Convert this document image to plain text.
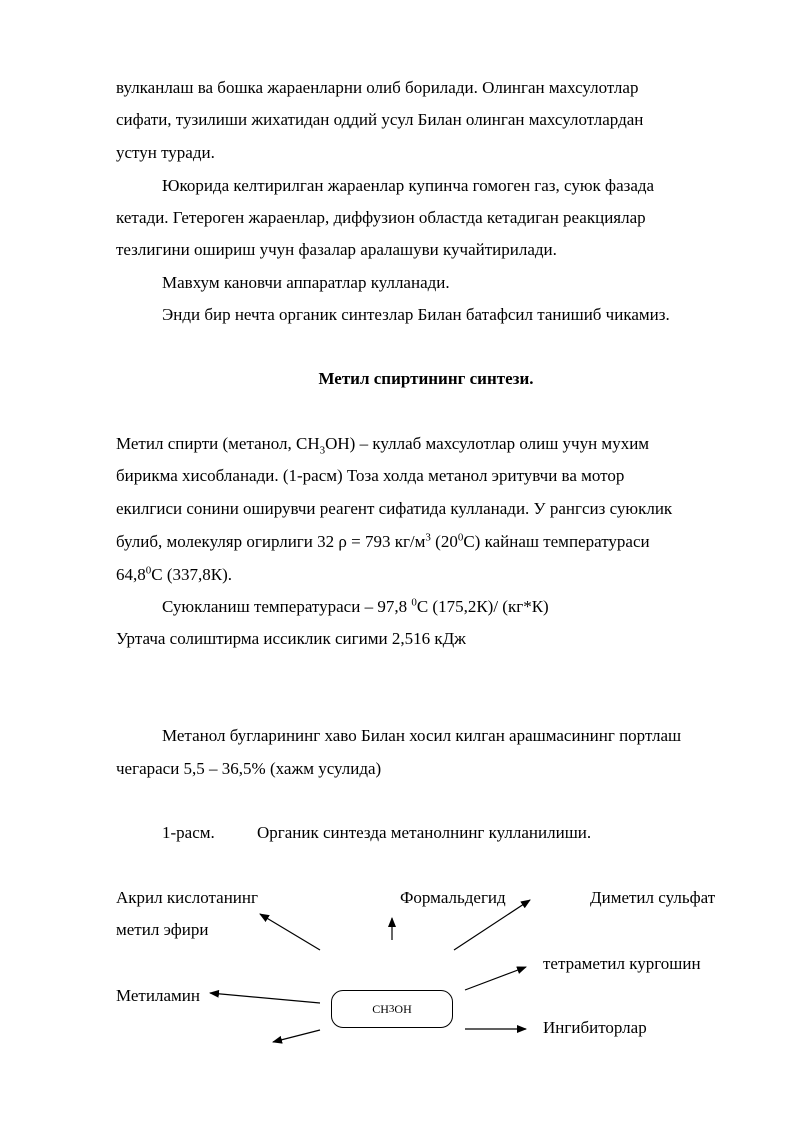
вулканлаш ва бошка жараенларни олиб борилади. Олинган махсулотлар
сифати, тузилиши жихатидан оддий усул Билан олинган махсулотлардан
устун туради.
Юкорида келтирилган жараенлар купинча гомоген газ, суюк фазада
кетади. Гетероген жараенлар, диффузион областда кетадиган реакциялар
тезлигини ошириш учун фазалар аралашуви кучайтирилади.
Мавхум кановчи аппаратлар кулланади.
Энди бир нечта органик синтезлар Билан батафсил танишиб чикамиз.
Метил спиртининг синтези.
Метил спирти (метанол, $CH_3OH$) – куллаб махсулотлар олиш учун мухим
бирикма хисобланади. (1-расм) Тоза холда метанол эритувчи ва мотор
екилгиси сонини оширувчи реагент сифатида кулланади. У рангсиз суюклик
булиб, молекуляр огирлиги 32 ρ = 793 $кг/м^3$ $(20^0С)$ кайнаш температураси
64,8$^0$С (337,8К).
Суюкланиш температураси – 97,8 $^0$С (175,2К)/ (кг*К)
Уртача солиштирма иссиклик сигими 2,516 кДж
Метанол бугларининг хаво Билан хосил килган арашмасининг портлаш
чегараси 5,5 – 36,5% (хажм усулида)
1-расм. Органик синтезда метанолнинг кулланилиши.
Акрил кислотанинг
метил эфири
Формальдегид	Диметил сульфат
тетраметил кургошин
Метиламин
Ингибиторлар
CH 3 OH
